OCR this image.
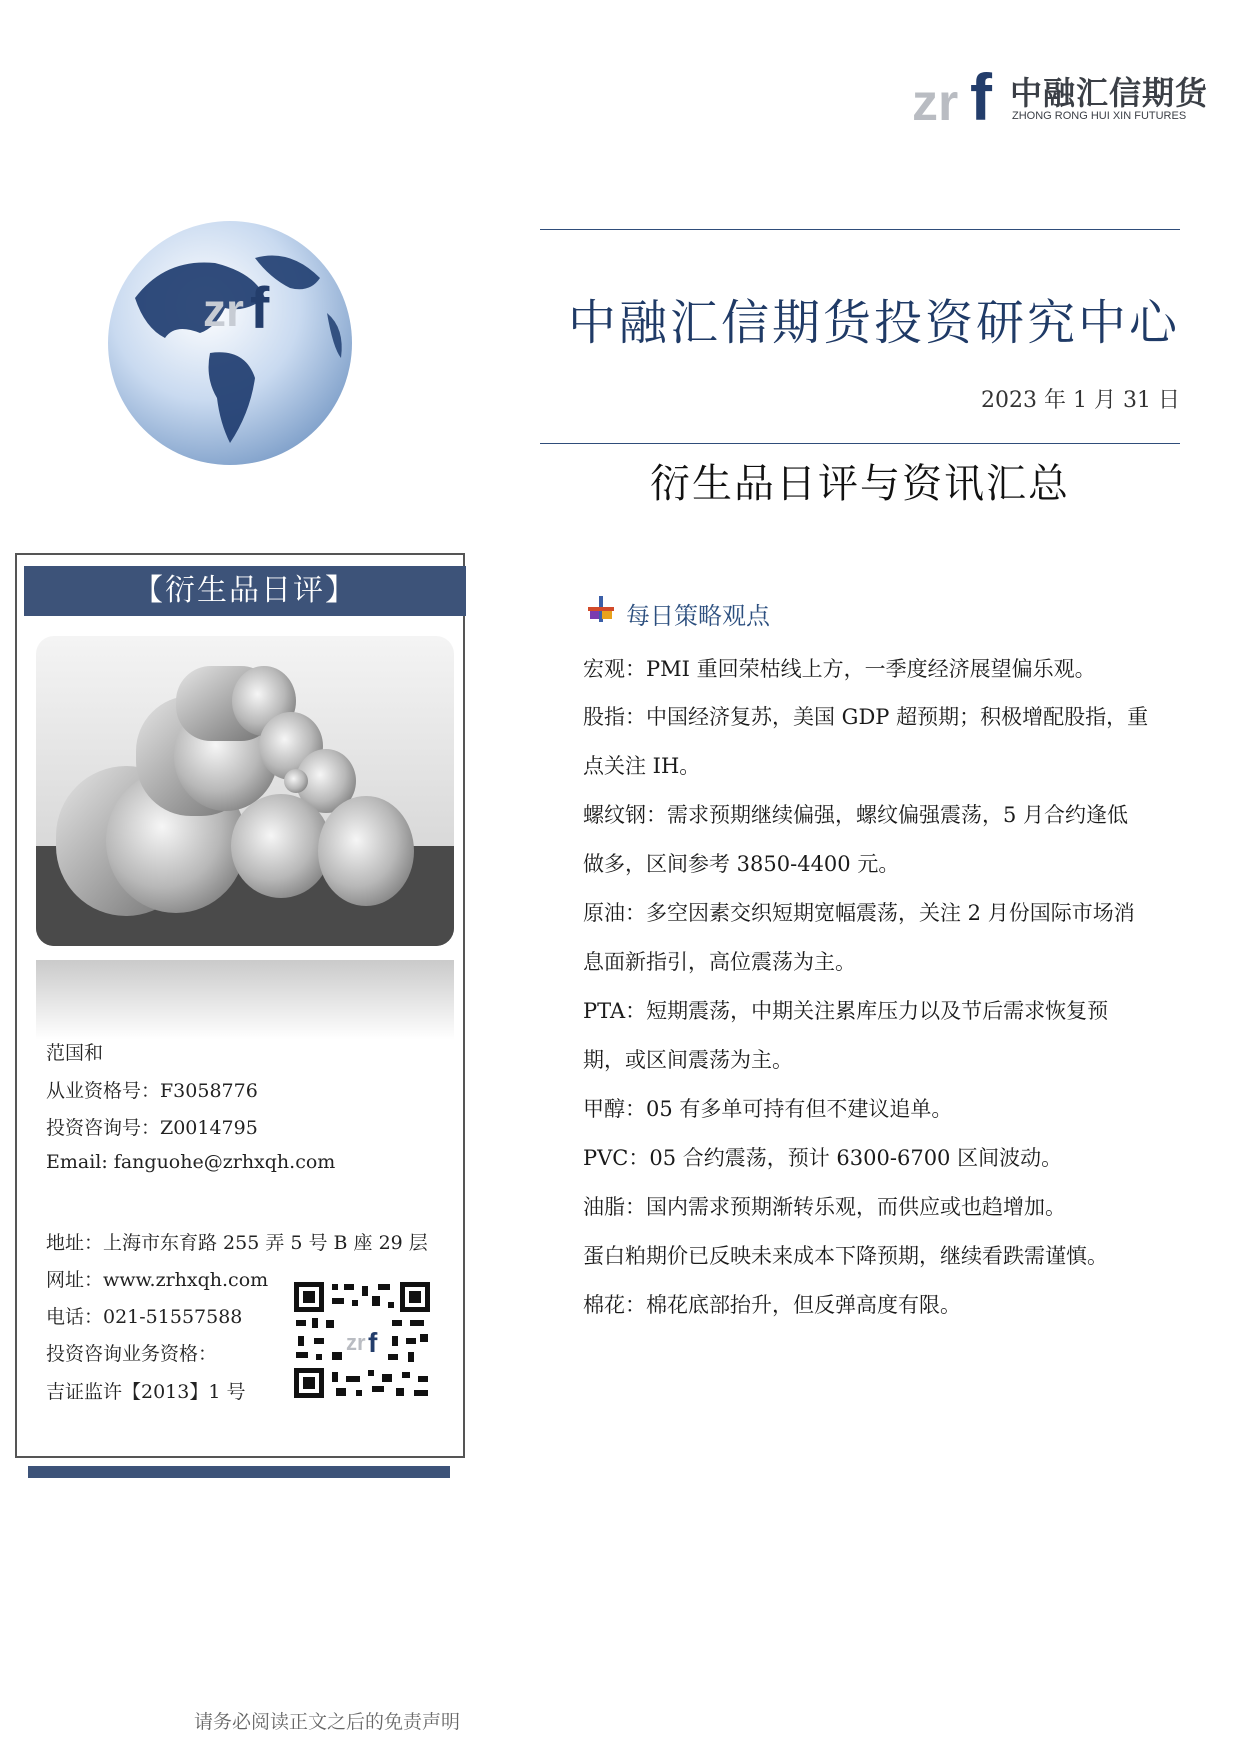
zr f 中融汇信期货
ZHONG RONG HUI XIN FUTURES
zr f	中融汇信期货投资研究中心
2023 年 1 月 31 日
衍生品日评与资讯汇总
【衍生品日评】
范国和
从业资格号：F3058776
投资咨询号：Z0014795
Email: fanguohe@zrhxqh.com
地址：上海市东育路 255 弄 5 号 B 座 29 层
网址：www.zrhxqh.com
电话：021-51557588
投资咨询业务资格：
吉证监许【2013】1 号
zr f
每日策略观点
宏观：PMI 重回荣枯线上方，一季度经济展望偏乐观。
股指：中国经济复苏，美国 GDP 超预期；积极增配股指，重
点关注 IH。
螺纹钢：需求预期继续偏强，螺纹偏强震荡，5 月合约逢低
做多，区间参考 3850-4400 元。
原油：多空因素交织短期宽幅震荡，关注 2 月份国际市场消
息面新指引，高位震荡为主。
PTA：短期震荡，中期关注累库压力以及节后需求恢复预
期，或区间震荡为主。
甲醇：05 有多单可持有但不建议追单。
PVC：05 合约震荡，预计 6300-6700 区间波动。
油脂：国内需求预期渐转乐观，而供应或也趋增加。
蛋白粕期价已反映未来成本下降预期，继续看跌需谨慎。
棉花：棉花底部抬升，但反弹高度有限。
请务必阅读正文之后的免责声明
